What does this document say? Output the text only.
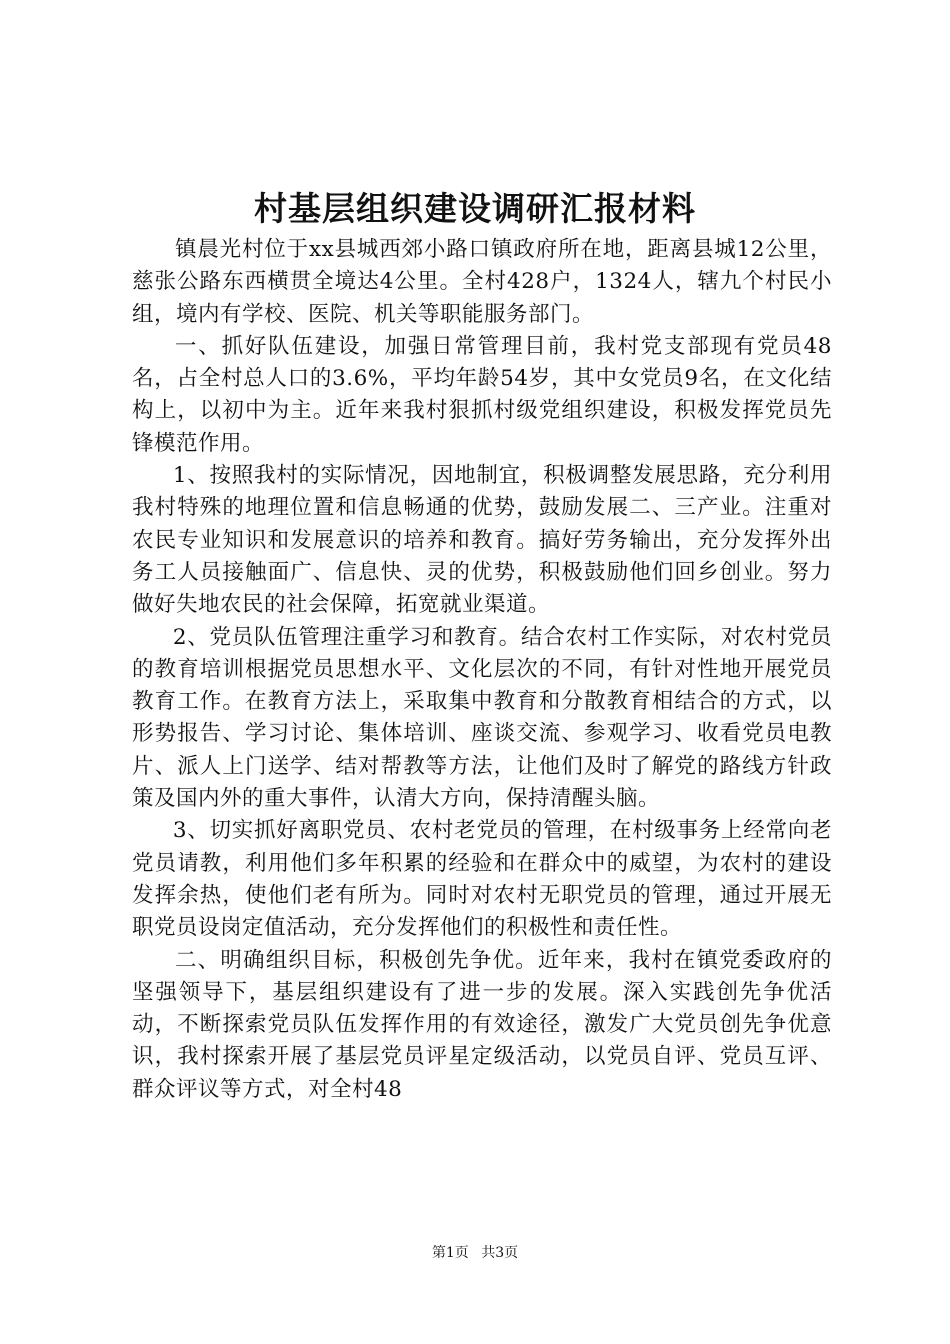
村基层组织建设调研汇报材料

镇晨光村位于xx县城西郊小路口镇政府所在地，距离县城12公里，慈张公路东西横贯全境达4公里。全村428户，1324人，辖九个村民小组，境内有学校、医院、机关等职能服务部门。

一、抓好队伍建设，加强日常管理目前，我村党支部现有党员48名，占全村总人口的3.6%，平均年龄54岁，其中女党员9名，在文化结构上，以初中为主。近年来我村狠抓村级党组织建设，积极发挥党员先锋模范作用。

1、按照我村的实际情况，因地制宜，积极调整发展思路，充分利用我村特殊的地理位置和信息畅通的优势，鼓励发展二、三产业。注重对农民专业知识和发展意识的培养和教育。搞好劳务输出，充分发挥外出务工人员接触面广、信息快、灵的优势，积极鼓励他们回乡创业。努力做好失地农民的社会保障，拓宽就业渠道。

2、党员队伍管理注重学习和教育。结合农村工作实际，对农村党员的教育培训根据党员思想水平、文化层次的不同，有针对性地开展党员教育工作。在教育方法上，采取集中教育和分散教育相结合的方式，以形势报告、学习讨论、集体培训、座谈交流、参观学习、收看党员电教片、派人上门送学、结对帮教等方法，让他们及时了解党的路线方针政策及国内外的重大事件，认清大方向，保持清醒头脑。

3、切实抓好离职党员、农村老党员的管理，在村级事务上经常向老党员请教，利用他们多年积累的经验和在群众中的威望，为农村的建设发挥余热，使他们老有所为。同时对农村无职党员的管理，通过开展无职党员设岗定值活动，充分发挥他们的积极性和责任性。

二、明确组织目标，积极创先争优。近年来，我村在镇党委政府的坚强领导下，基层组织建设有了进一步的发展。深入实践创先争优活动，不断探索党员队伍发挥作用的有效途径，激发广大党员创先争优意识，我村探索开展了基层党员评星定级活动，以党员自评、党员互评、群众评议等方式，对全村48

第1页 共3页
